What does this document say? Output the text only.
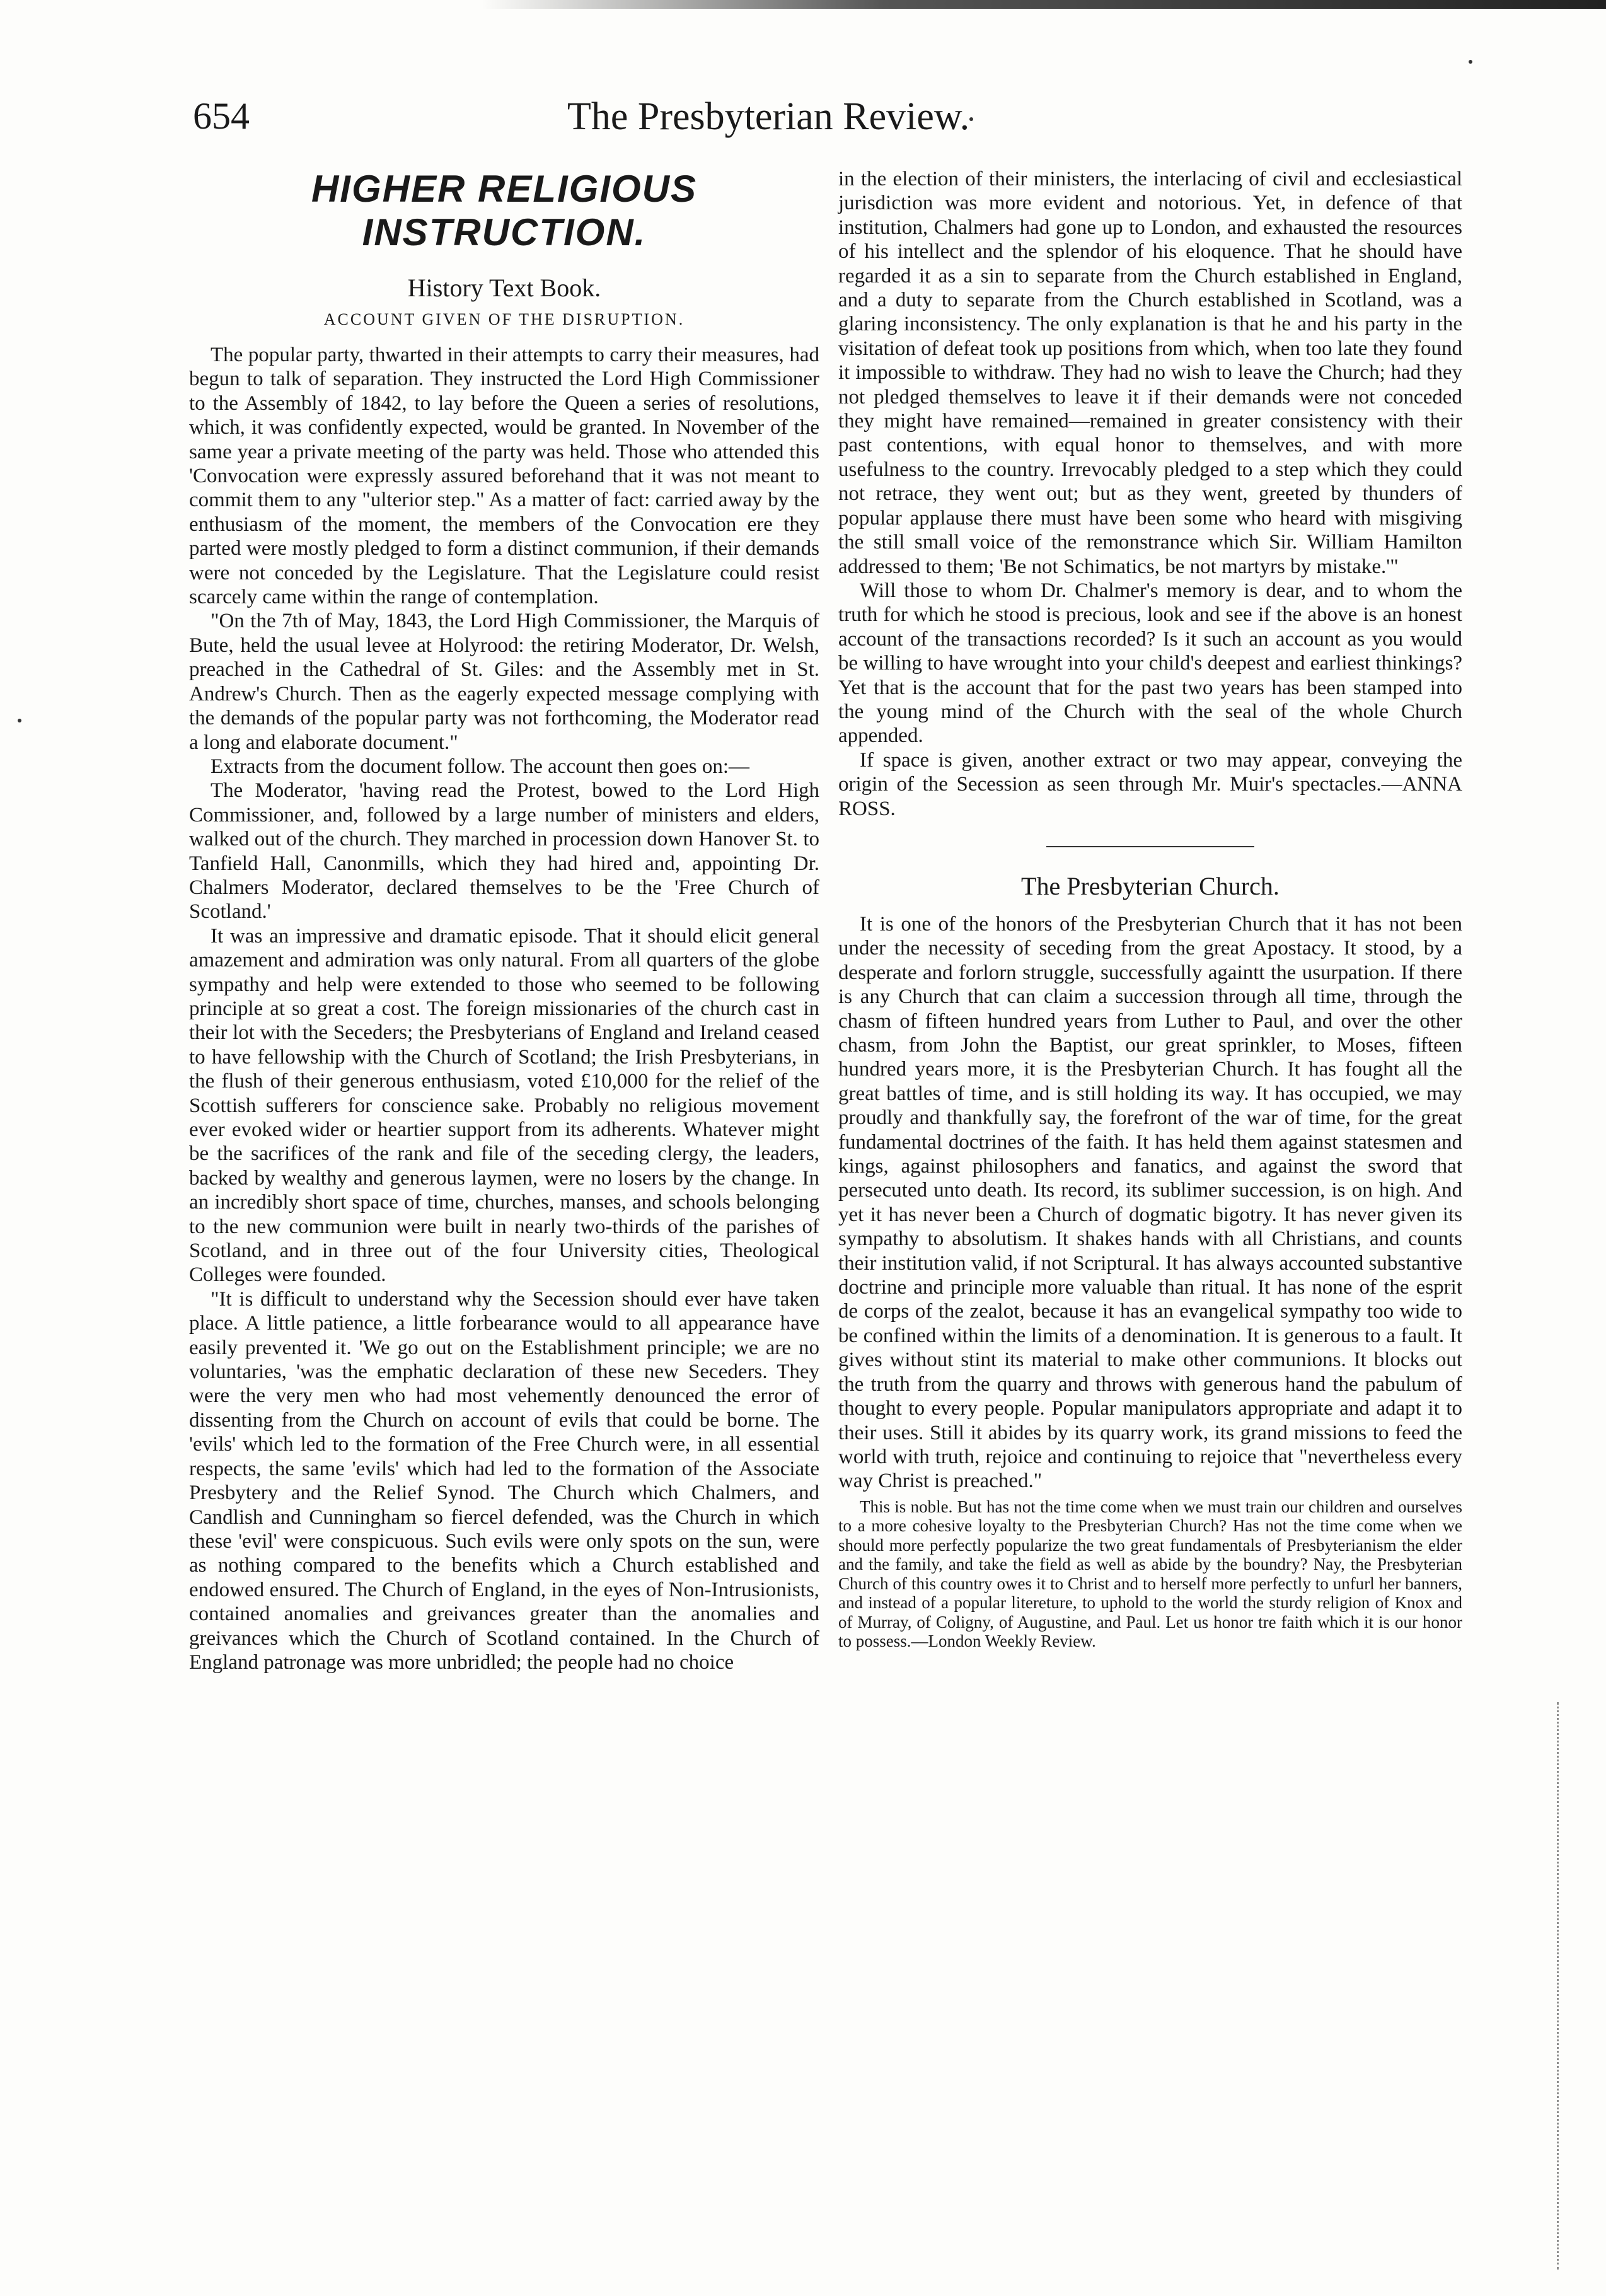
654	The Presbyterian Review.
HIGHER RELIGIOUS INSTRUCTION.
History Text Book.
ACCOUNT GIVEN OF THE DISRUPTION.

The popular party, thwarted in their attempts to carry their measures, had begun to talk of separation. They instructed the Lord High Commissioner to the Assembly of 1842, to lay before the Queen a series of resolutions, which, it was confidently expected, would be granted. In November of the same year a private meeting of the party was held. Those who attended this 'Convocation were expressly assured beforehand that it was not meant to commit them to any "ulterior step." As a matter of fact: carried away by the enthusiasm of the moment, the members of the Convocation ere they parted were mostly pledged to form a distinct communion, if their demands were not conceded by the Legislature. That the Legislature could resist scarcely came within the range of contemplation.

"On the 7th of May, 1843, the Lord High Commissioner, the Marquis of Bute, held the usual levee at Holyrood: the retiring Moderator, Dr. Welsh, preached in the Cathedral of St. Giles: and the Assembly met in St. Andrew's Church. Then as the eagerly expected message complying with the demands of the popular party was not forthcoming, the Moderator read a long and elaborate document."

Extracts from the document follow. The account then goes on:—

The Moderator, 'having read the Protest, bowed to the Lord High Commissioner, and, followed by a large number of ministers and elders, walked out of the church. They marched in procession down Hanover St. to Tanfield Hall, Canonmills, which they had hired and, appointing Dr. Chalmers Moderator, declared themselves to be the 'Free Church of Scotland.'

It was an impressive and dramatic episode. That it should elicit general amazement and admiration was only natural. From all quarters of the globe sympathy and help were extended to those who seemed to be following principle at so great a cost. The foreign missionaries of the church cast in their lot with the Seceders; the Presbyterians of England and Ireland ceased to have fellowship with the Church of Scotland; the Irish Presbyterians, in the flush of their generous enthusiasm, voted £10,000 for the relief of the Scottish sufferers for conscience sake. Probably no religious movement ever evoked wider or heartier support from its adherents. Whatever might be the sacrifices of the rank and file of the seceding clergy, the leaders, backed by wealthy and generous laymen, were no losers by the change. In an incredibly short space of time, churches, manses, and schools belonging to the new communion were built in nearly two-thirds of the parishes of Scotland, and in three out of the four University cities, Theological Colleges were founded.

"It is difficult to understand why the Secession should ever have taken place. A little patience, a little forbearance would to all appearance have easily prevented it. 'We go out on the Establishment principle; we are no voluntaries, 'was the emphatic declaration of these new Seceders. They were the very men who had most vehemently denounced the error of dissenting from the Church on account of evils that could be borne. The 'evils' which led to the formation of the Free Church were, in all essential respects, the same 'evils' which had led to the formation of the Associate Presbytery and the Relief Synod. The Church which Chalmers, and Candlish and Cunningham so fiercel defended, was the Church in which these 'evil' were conspicuous. Such evils were only spots on the sun, were as nothing compared to the benefits which a Church established and endowed ensured. The Church of England, in the eyes of Non-Intrusionists, contained anomalies and greivances greater than the anomalies and greivances which the Church of Scotland contained. In the Church of England patronage was more unbridled; the people had no choice

in the election of their ministers, the interlacing of civil and ecclesiastical jurisdiction was more evident and notorious. Yet, in defence of that institution, Chalmers had gone up to London, and exhausted the resources of his intellect and the splendor of his eloquence. That he should have regarded it as a sin to separate from the Church established in England, and a duty to separate from the Church established in Scotland, was a glaring inconsistency. The only explanation is that he and his party in the visitation of defeat took up positions from which, when too late they found it impossible to withdraw. They had no wish to leave the Church; had they not pledged themselves to leave it if their demands were not conceded they might have remained—remained in greater consistency with their past contentions, with equal honor to themselves, and with more usefulness to the country. Irrevocably pledged to a step which they could not retrace, they went out; but as they went, greeted by thunders of popular applause there must have been some who heard with misgiving the still small voice of the remonstrance which Sir. William Hamilton addressed to them; 'Be not Schimatics, be not martyrs by mistake.'"

Will those to whom Dr. Chalmer's memory is dear, and to whom the truth for which he stood is precious, look and see if the above is an honest account of the transactions recorded? Is it such an account as you would be willing to have wrought into your child's deepest and earliest thinkings? Yet that is the account that for the past two years has been stamped into the young mind of the Church with the seal of the whole Church appended.

If space is given, another extract or two may appear, conveying the origin of the Secession as seen through Mr. Muir's spectacles.—ANNA ROSS.

The Presbyterian Church.

It is one of the honors of the Presbyterian Church that it has not been under the necessity of seceding from the great Apostacy. It stood, by a desperate and forlorn struggle, successfully againtt the usurpation. If there is any Church that can claim a succession through all time, through the chasm of fifteen hundred years from Luther to Paul, and over the other chasm, from John the Baptist, our great sprinkler, to Moses, fifteen hundred years more, it is the Presbyterian Church. It has fought all the great battles of time, and is still holding its way. It has occupied, we may proudly and thankfully say, the forefront of the war of time, for the great fundamental doctrines of the faith. It has held them against statesmen and kings, against philosophers and fanatics, and against the sword that persecuted unto death. Its record, its sublimer succession, is on high. And yet it has never been a Church of dogmatic bigotry. It has never given its sympathy to absolutism. It shakes hands with all Christians, and counts their institution valid, if not Scriptural. It has always accounted substantive doctrine and principle more valuable than ritual. It has none of the esprit de corps of the zealot, because it has an evangelical sympathy too wide to be confined within the limits of a denomination. It is generous to a fault. It gives without stint its material to make other communions. It blocks out the truth from the quarry and throws with generous hand the pabulum of thought to every people. Popular manipulators appropriate and adapt it to their uses. Still it abides by its quarry work, its grand missions to feed the world with truth, rejoice and continuing to rejoice that "nevertheless every way Christ is preached."

This is noble. But has not the time come when we must train our children and ourselves to a more cohesive loyalty to the Presbyterian Church? Has not the time come when we should more perfectly popularize the two great fundamentals of Presbyterianism the elder and the family, and take the field as well as abide by the boundry? Nay, the Presbyterian Church of this country owes it to Christ and to herself more perfectly to unfurl her banners, and instead of a popular litereture, to uphold to the world the sturdy religion of Knox and of Murray, of Coligny, of Augustine, and Paul. Let us honor tre faith which it is our honor to possess.—London Weekly Review.
